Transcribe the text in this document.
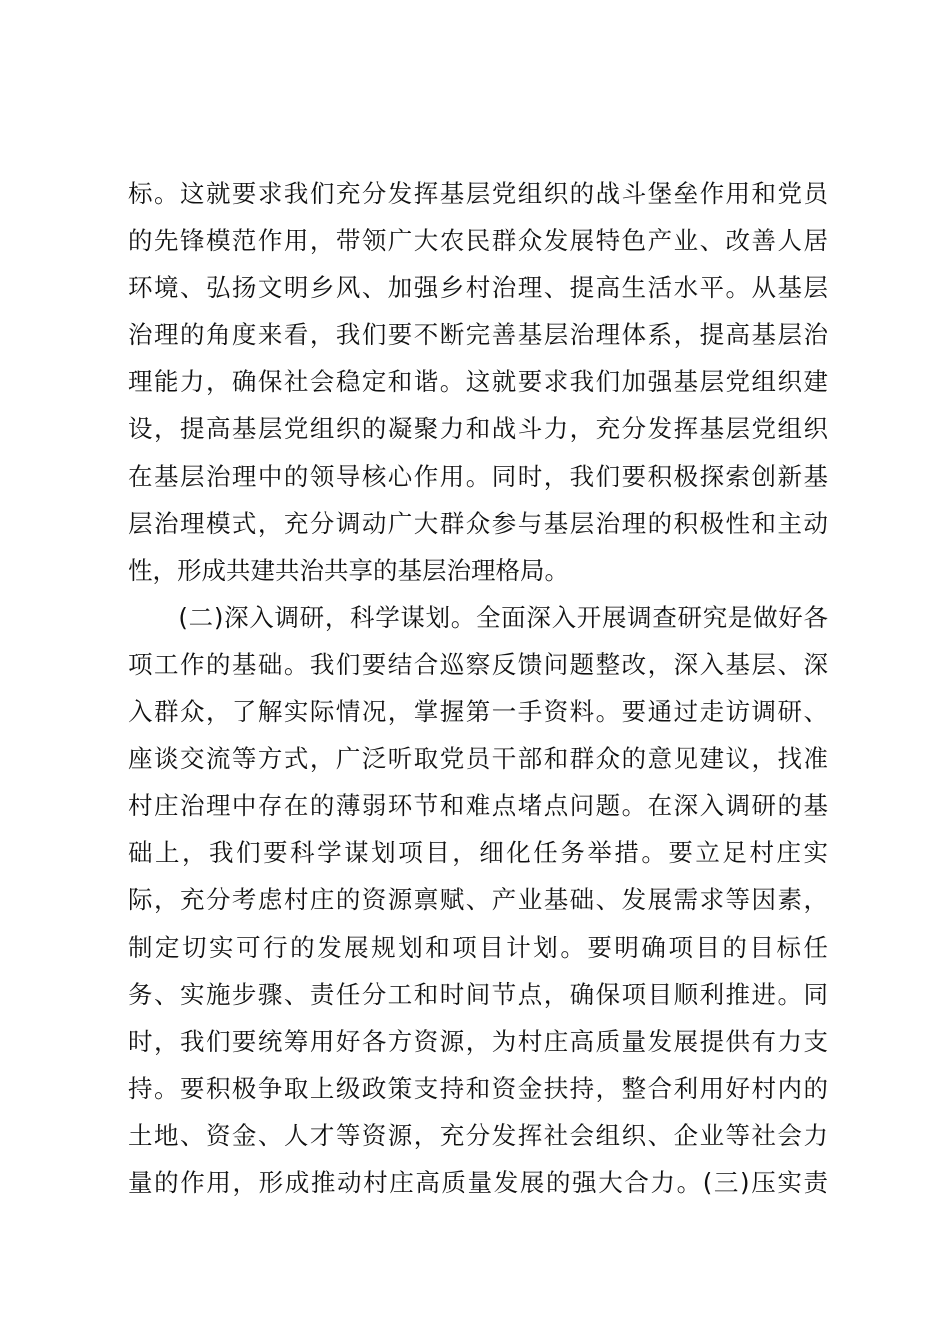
标。这就要求我们充分发挥基层党组织的战斗堡垒作用和党员
的先锋模范作用，带领广大农民群众发展特色产业、改善人居
环境、弘扬文明乡风、加强乡村治理、提高生活水平。从基层
治理的角度来看，我们要不断完善基层治理体系，提高基层治
理能力，确保社会稳定和谐。这就要求我们加强基层党组织建
设，提高基层党组织的凝聚力和战斗力，充分发挥基层党组织
在基层治理中的领导核心作用。同时，我们要积极探索创新基
层治理模式，充分调动广大群众参与基层治理的积极性和主动
性，形成共建共治共享的基层治理格局。
　　(二)深入调研，科学谋划。全面深入开展调查研究是做好各
项工作的基础。我们要结合巡察反馈问题整改，深入基层、深
入群众，了解实际情况，掌握第一手资料。要通过走访调研、
座谈交流等方式，广泛听取党员干部和群众的意见建议，找准
村庄治理中存在的薄弱环节和难点堵点问题。在深入调研的基
础上，我们要科学谋划项目，细化任务举措。要立足村庄实
际，充分考虑村庄的资源禀赋、产业基础、发展需求等因素，
制定切实可行的发展规划和项目计划。要明确项目的目标任
务、实施步骤、责任分工和时间节点，确保项目顺利推进。同
时，我们要统筹用好各方资源，为村庄高质量发展提供有力支
持。要积极争取上级政策支持和资金扶持，整合利用好村内的
土地、资金、人才等资源，充分发挥社会组织、企业等社会力
量的作用，形成推动村庄高质量发展的强大合力。(三)压实责
